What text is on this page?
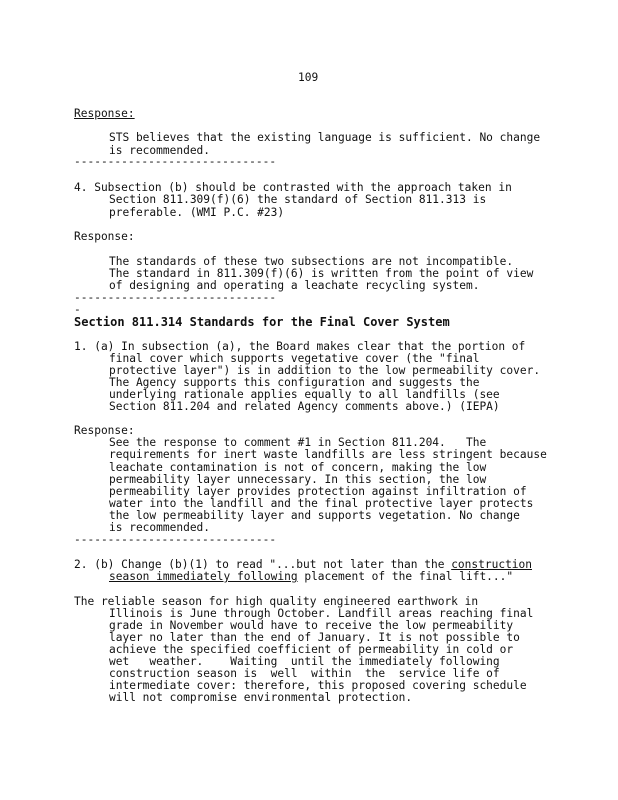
109
Response:
STS believes that the existing language is sufficient. No change
is recommended.
------------------------------
4. Subsection (b) should be contrasted with the approach taken in
Section 811.309(f)(6) the standard of Section 811.313 is
preferable. (WMI P.C. #23)
Response:
The standards of these two subsections are not incompatible.
The standard in 811.309(f)(6) is written from the point of view
of designing and operating a leachate recycling system.
------------------------------
-
Section 811.314 Standards for the Final Cover System
1. (a) In subsection (a), the Board makes clear that the portion of
final cover which supports vegetative cover (the "final
protective layer") is in addition to the low permeability cover.
The Agency supports this configuration and suggests the
underlying rationale applies equally to all landfills (see
Section 811.204 and related Agency comments above.) (IEPA)
Response:
See the response to comment #1 in Section 811.204.   The
requirements for inert waste landfills are less stringent because
leachate contamination is not of concern, making the low
permeability layer unnecessary. In this section, the low
permeability layer provides protection against infiltration of
water into the landfill and the final protective layer protects
the low permeability layer and supports vegetation. No change
is recommended.
------------------------------
2. (b) Change (b)(1) to read "...but not later than the construction
season immediately following placement of the final lift..."
The reliable season for high quality engineered earthwork in
Illinois is June through October. Landfill areas reaching final
grade in November would have to receive the low permeability
layer no later than the end of January. It is not possible to
achieve the specified coefficient of permeability in cold or
wet   weather.    Waiting  until the immediately following
construction season is  well  within  the  service life of
intermediate cover: therefore, this proposed covering schedule
will not compromise environmental protection.
